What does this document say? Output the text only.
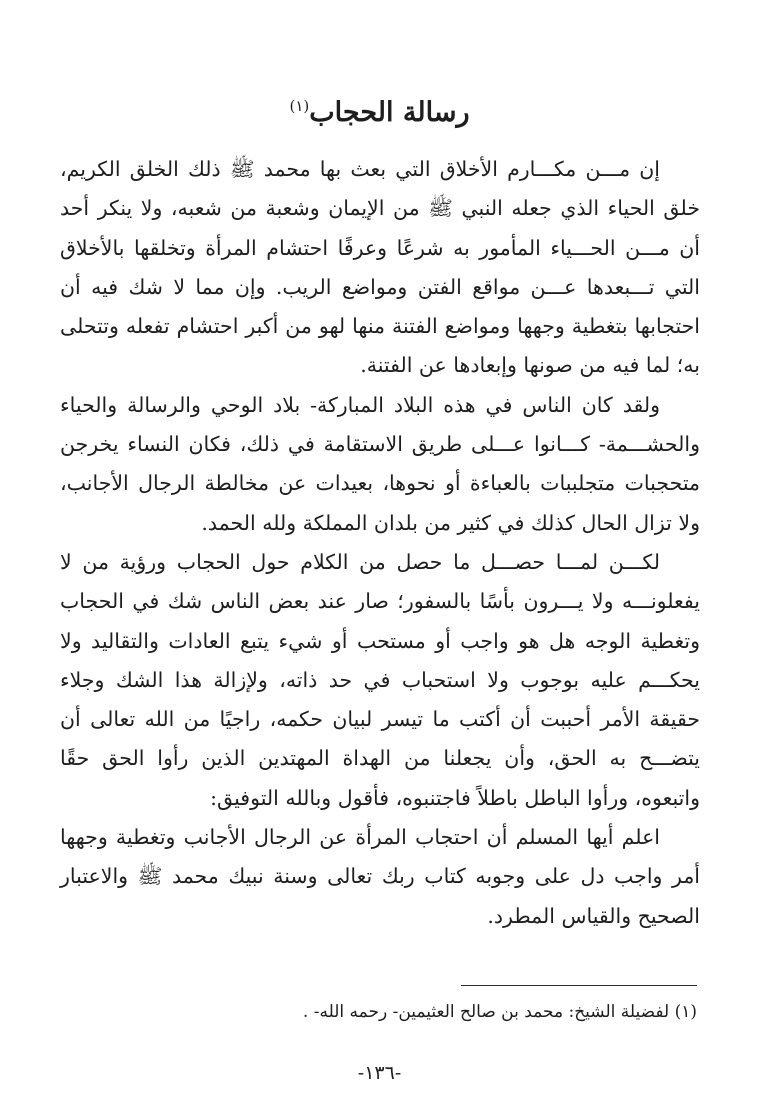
رسالة الحجاب$^{(١)}$

إن مـــن مكـــارم الأخلاق التي بعث بها محمد ﷺ ذلك الخلق الكريم، خلق الحياء الذي جعله النبي ﷺ من الإيمان وشعبة من شعبه، ولا ينكر أحد أن مـــن الحـــياء المأمور به شرعًا وعرفًا احتشام المرأة وتخلقها بالأخلاق التي تـــبعدها عـــن مواقع الفتن ومواضع الريب. وإن مما لا شك فيه أن احتجابها بتغطية وجهها ومواضع الفتنة منها لهو من أكبر احتشام تفعله وتتحلى به؛ لما فيه من صونها وإبعادها عن الفتنة.

ولقد كان الناس في هذه البلاد المباركة- بلاد الوحي والرسالة والحياء والحشـــمة- كـــانوا عـــلى طريق الاستقامة في ذلك، فكان النساء يخرجن متحجبات متجلببات بالعباءة أو نحوها، بعيدات عن مخالطة الرجال الأجانب، ولا تزال الحال كذلك في كثير من بلدان المملكة ولله الحمد.

لكـــن لمـــا حصـــل ما حصل من الكلام حول الحجاب ورؤية من لا يفعلونـــه ولا يـــرون بأسًا بالسفور؛ صار عند بعض الناس شك في الحجاب وتغطية الوجه هل هو واجب أو مستحب أو شيء يتبع العادات والتقاليد ولا يحكـــم عليه بوجوب ولا استحباب في حد ذاته، ولإزالة هذا الشك وجلاء حقيقة الأمر أحببت أن أكتب ما تيسر لبيان حكمه، راجيًا من الله تعالى أن يتضـــح به الحق، وأن يجعلنا من الهداة المهتدين الذين رأوا الحق حقًا واتبعوه، ورأوا الباطل باطلاً فاجتنبوه، فأقول وبالله التوفيق:

اعلم أيها المسلم أن احتجاب المرأة عن الرجال الأجانب وتغطية وجهها أمر واجب دل على وجوبه كتاب ربك تعالى وسنة نبيك محمد ﷺ والاعتبار الصحيح والقياس المطرد.

(١) لفضيلة الشيخ: محمد بن صالح العثيمين- رحمه الله- .
-١٣٦-
